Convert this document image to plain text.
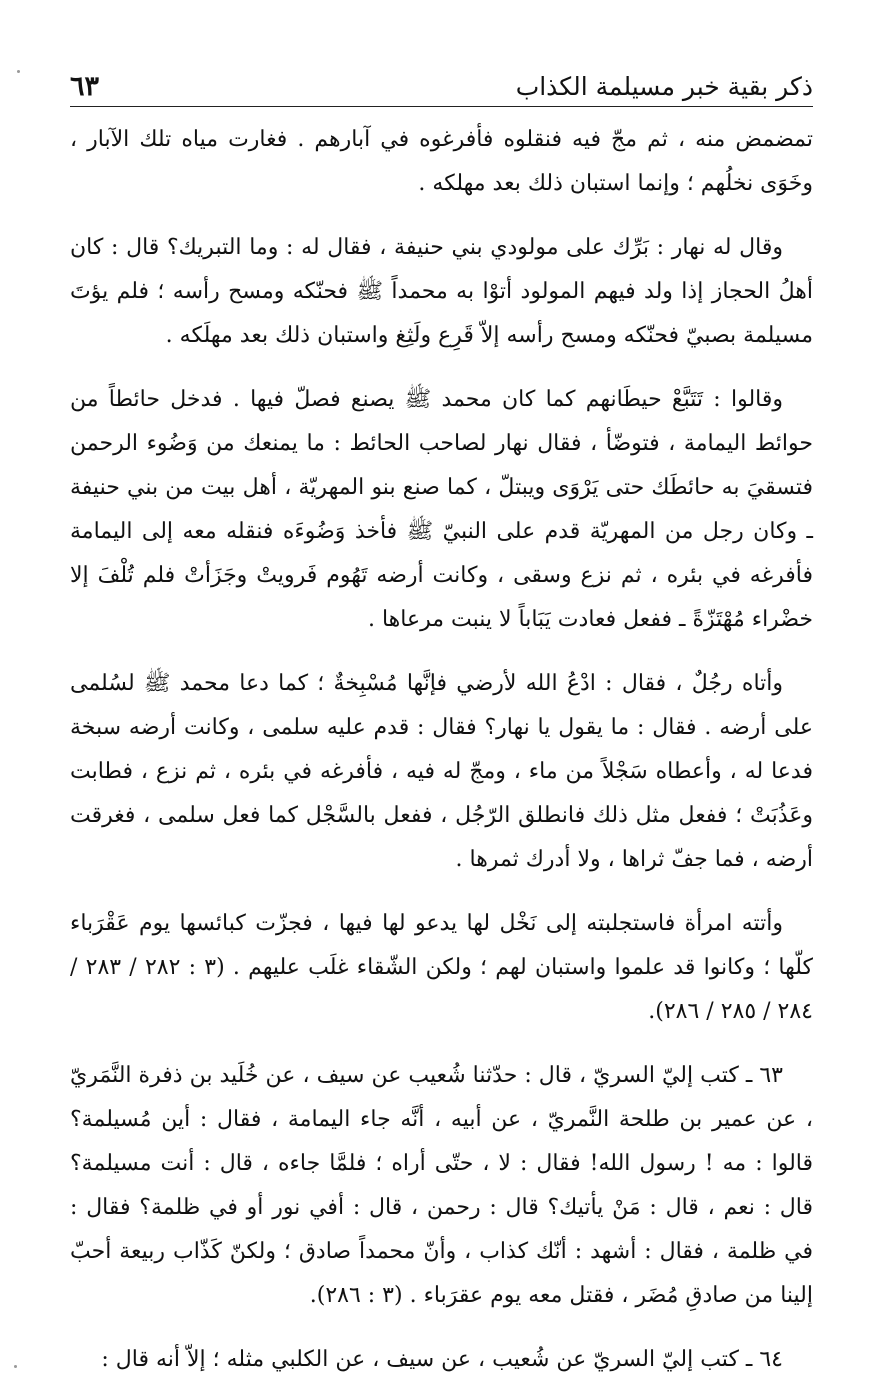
ذكر بقية خبر مسيلمة الكذاب
٦٣

تمضمض منه ، ثم مجّ فيه فنقلوه فأفرغوه في آبارهم . فغارت مياه تلك الآبار ، وخَوَى نخلُهم ؛ وإنما استبان ذلك بعد مهلكه .

وقال له نهار : بَرِّك على مولودي بني حنيفة ، فقال له : وما التبريك؟ قال : كان أهلُ الحجاز إذا ولد فيهم المولود أتوْا به محمداً ﷺ فحنّكه ومسح رأسه ؛ فلم يؤتَ مسيلمة بصبيّ فحنّكه ومسح رأسه إلاّ قَرِع ولَثِغ واستبان ذلك بعد مهلَكه .

وقالوا : تَتَبَّعْ حيطَانهم كما كان محمد ﷺ يصنع فصلّ فيها . فدخل حائطاً من حوائط اليمامة ، فتوضّأ ، فقال نهار لصاحب الحائط : ما يمنعك من وَضُوء الرحمن فتسقيَ به حائطَك حتى يَرْوَى ويبتلّ ، كما صنع بنو المهريّة ، أهل بيت من بني حنيفة ـ وكان رجل من المهريّة قدم على النبيّ ﷺ فأخذ وَضُوءَه فنقله معه إلى اليمامة فأفرغه في بئره ، ثم نزع وسقى ، وكانت أرضه تَهُوم فَرويتْ وجَزَأتْ فلم تُلْفَ إلا خضْراء مُهْتَزّةً ـ ففعل فعادت يَبَاباً لا ينبت مرعاها .

وأتاه رجُلٌ ، فقال : ادْعُ الله لأرضي فإنَّها مُسْبِخةٌ ؛ كما دعا محمد ﷺ لسُلمى على أرضه . فقال : ما يقول يا نهار؟ فقال : قدم عليه سلمى ، وكانت أرضه سبخة فدعا له ، وأعطاه سَجْلاً من ماء ، ومجّ له فيه ، فأفرغه في بئره ، ثم نزع ، فطابت وعَذُبَتْ ؛ ففعل مثل ذلك فانطلق الرّجُل ، ففعل بالسَّجْل كما فعل سلمى ، فغرقت أرضه ، فما جفّ ثراها ، ولا أدرك ثمرها .

وأتته امرأة فاستجلبته إلى نَخْل لها يدعو لها فيها ، فجزّت كبائسها يوم عَقْرَباء كلّها ؛ وكانوا قد علموا واستبان لهم ؛ ولكن الشّقاء غلَب عليهم . (٣ : ٢٨٢ / ٢٨٣ / ٢٨٤ / ٢٨٥ / ٢٨٦).

٦٣ ـ كتب إليّ السريّ ، قال : حدّثنا شُعيب عن سيف ، عن خُلَيد بن ذفرة النَّمَريّ ، عن عمير بن طلحة النَّمريّ ، عن أبيه ، أنَّه جاء اليمامة ، فقال : أين مُسيلمة؟ قالوا : مه ! رسول الله! فقال : لا ، حتّى أراه ؛ فلمَّا جاءه ، قال : أنت مسيلمة؟ قال : نعم ، قال : مَنْ يأتيك؟ قال : رحمن ، قال : أفي نور أو في ظلمة؟ فقال : في ظلمة ، فقال : أشهد : أنّك كذاب ، وأنّ محمداً صادق ؛ ولكنّ كَذّاب ربيعة أحبّ إلينا من صادقِ مُضَر ، فقتل معه يوم عقرَباء . (٣ : ٢٨٦).

٦٤ ـ كتب إليّ السريّ عن شُعيب ، عن سيف ، عن الكلبي مثله ؛ إلاّ أنه قال :
